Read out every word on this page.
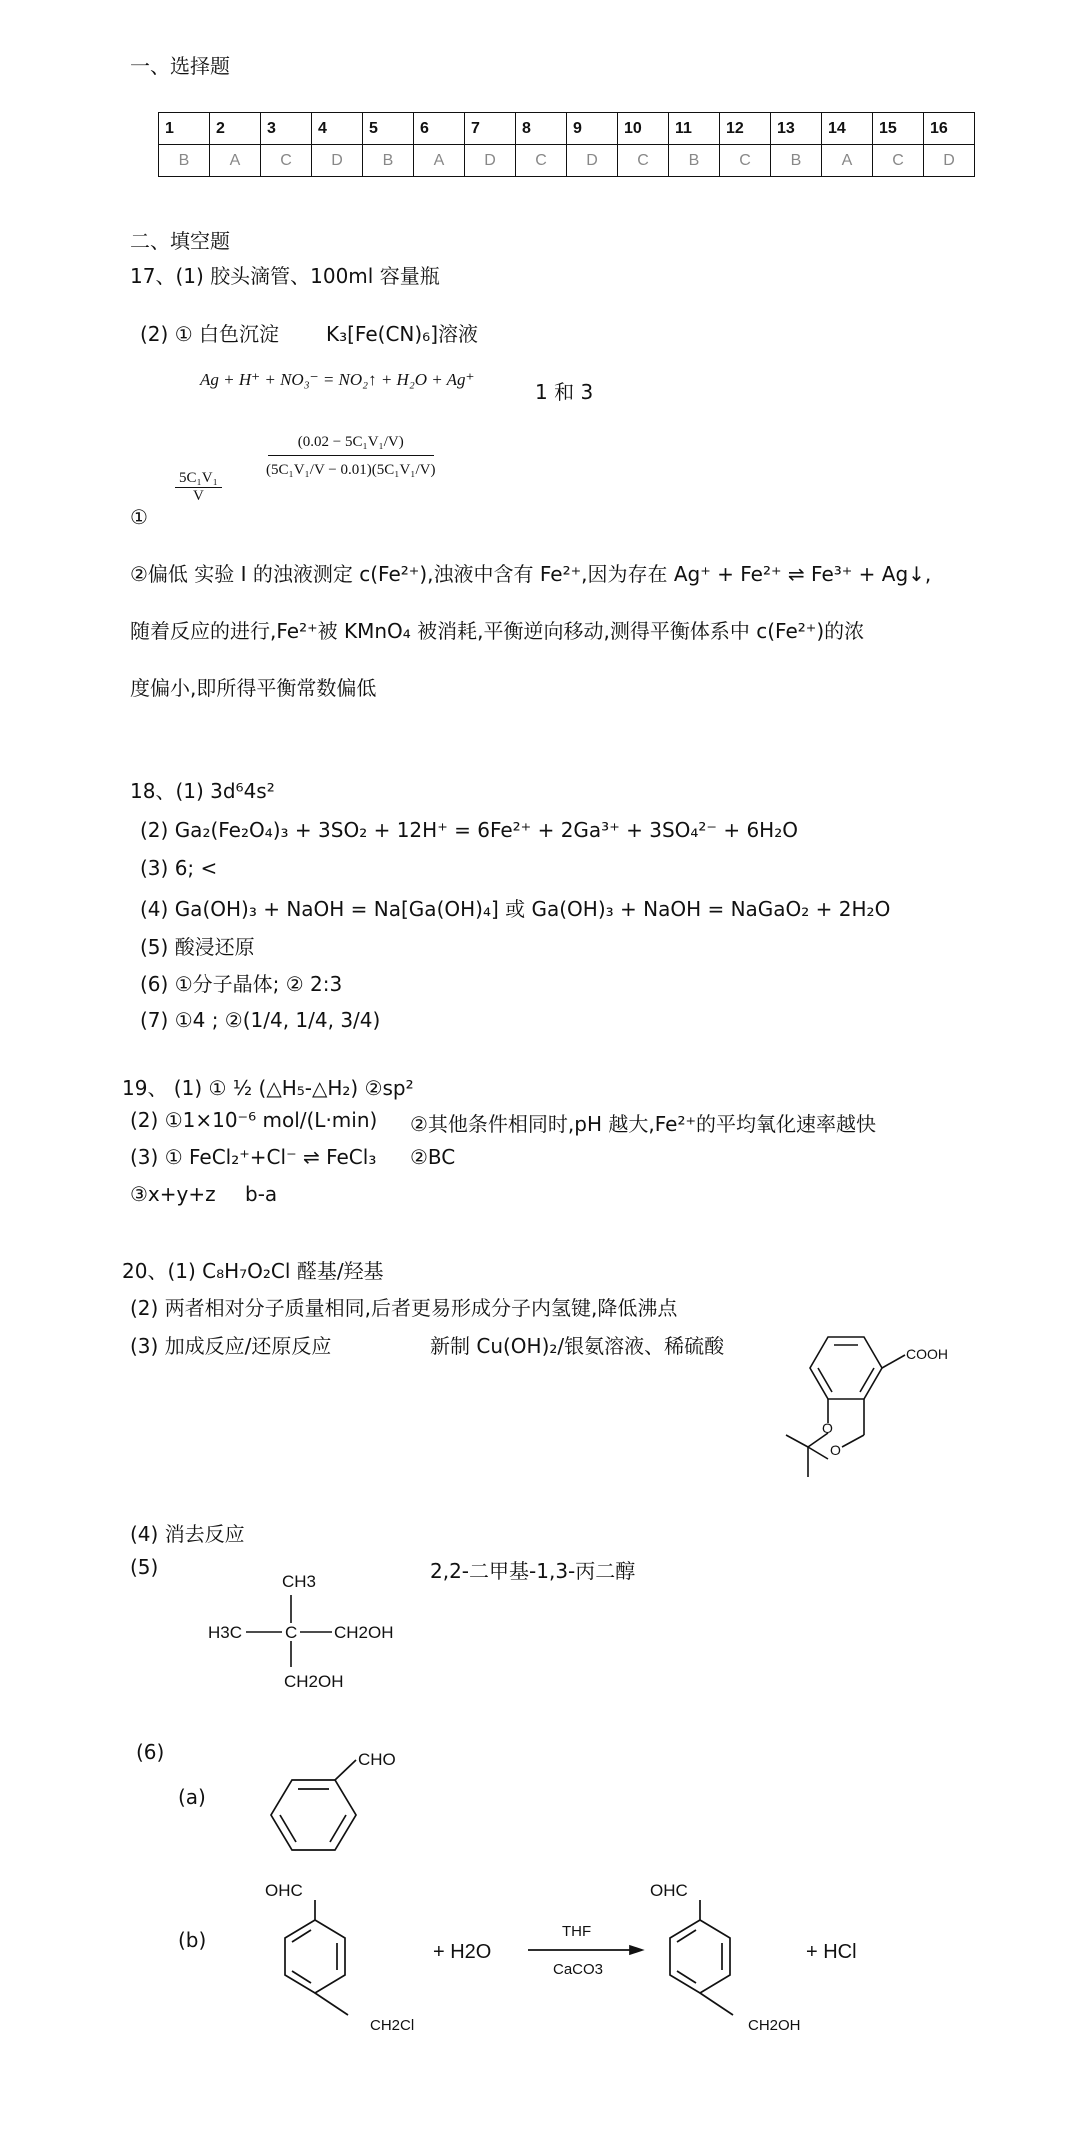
一、选择题
1	2	3	4	5	6	7	8	9	10	11	12	13	14	15	16
B	A	C	D	B	A	D	C	D	C	B	C	B	A	C	D
二、填空题
17、(1) 胶头滴管、100ml 容量瓶
(2) ① 白色沉淀 K₃[Fe(CN)₆]溶液
Ag + H⁺ + NO₃⁻ = NO₂↑ + H₂O + Ag⁺
1 和 3
①
$\frac{\text{5C₁V₁}}{V}$
$\frac{\text{(0.02 − 5C₁V₁/V)}}{\text{(5C₁V₁/V − 0.01)(5C₁V₁/V)}}$
②偏低 实验 I 的浊液测定 c(Fe²⁺),浊液中含有 Fe²⁺,因为存在 Ag⁺ + Fe²⁺ ⇌ Fe³⁺ + Ag↓,
随着反应的进行,Fe²⁺被 KMnO₄ 被消耗,平衡逆向移动,测得平衡体系中 c(Fe²⁺)的浓
度偏小,即所得平衡常数偏低
18、(1) 3d⁶4s²
(2) Ga₂(Fe₂O₄)₃ + 3SO₂ + 12H⁺ = 6Fe²⁺ + 2Ga³⁺ + 3SO₄²⁻ + 6H₂O
(3) 6; <
(4) Ga(OH)₃ + NaOH = Na[Ga(OH)₄] 或 Ga(OH)₃ + NaOH = NaGaO₂ + 2H₂O
(5) 酸浸还原
(6) ①分子晶体; ② 2:3
(7) ①4 ; ②(1/4, 1/4, 3/4)
19、 (1) ① ½ (△H₅-△H₂) ②sp²
(2) ①1×10⁻⁶ mol/(L·min) ②其他条件相同时,pH 越大,Fe²⁺的平均氧化速率越快
(3) ① FeCl₂⁺+Cl⁻ ⇌ FeCl₃ ②BC
③x+y+z b-a
20、(1) C₈H₇O₂Cl 醛基/羟基
(2) 两者相对分子质量相同,后者更易形成分子内氢键,降低沸点
(3) 加成反应/还原反应	新制 Cu(OH)₂/银氨溶液、稀硫酸	COOH
O
O
(4) 消去反应
(5)	2,2-二甲基-1,3-丙二醇
CH3
H3C	C CH2OH
CH2OH
(6)
(a)
CHO
(b)
OHC
CH2Cl
+ H2O
THF
CaCO3
OHC
CH2OH
+ HCl
